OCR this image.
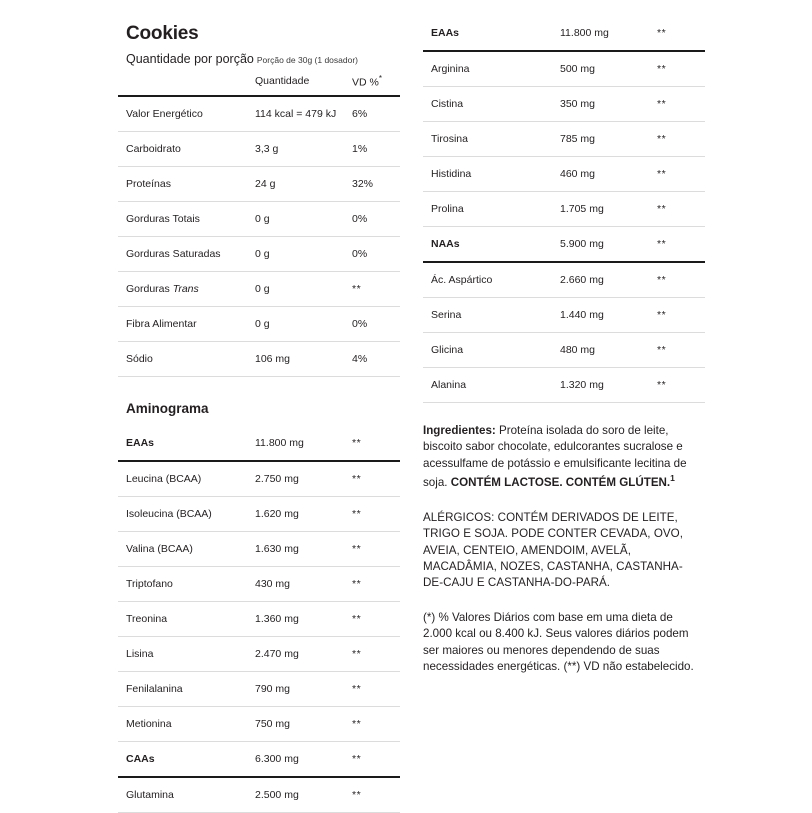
Cookies
Quantidade por porção Porção de 30g (1 dosador)
	Quantidade	VD %*
Valor Energético	114 kcal = 479 kJ	6%
Carboidrato	3,3 g	1%
Proteínas	24 g	32%
Gorduras Totais	0 g	0%
Gorduras Saturadas	0 g	0%
Gorduras Trans	0 g	**
Fibra Alimentar	0 g	0%
Sódio	106 mg	4%
Aminograma
EAAs	11.800 mg	**
Leucina (BCAA)	2.750 mg	**
Isoleucina (BCAA)	1.620 mg	**
Valina (BCAA)	1.630 mg	**
Triptofano	430 mg	**
Treonina	1.360 mg	**
Lisina	2.470 mg	**
Fenilalanina	790 mg	**
Metionina	750 mg	**
CAAs	6.300 mg	**
Glutamina	2.500 mg	**
EAAs	11.800 mg	**
Arginina	500 mg	**
Cistina	350 mg	**
Tirosina	785 mg	**
Histidina	460 mg	**
Prolina	1.705 mg	**
NAAs	5.900 mg	**
Ác. Aspártico	2.660 mg	**
Serina	1.440 mg	**
Glicina	480 mg	**
Alanina	1.320 mg	**
Ingredientes: Proteína isolada do soro de leite, biscoito sabor chocolate, edulcorantes sucralose e acessulfame de potássio e emulsificante lecitina de soja. CONTÉM LACTOSE. CONTÉM GLÚTEN.$^1$
ALÉRGICOS: CONTÉM DERIVADOS DE LEITE, TRIGO E SOJA. PODE CONTER CEVADA, OVO, AVEIA, CENTEIO, AMENDOIM, AVELÃ, MACADÂMIA, NOZES, CASTANHA, CASTANHA-DE-CAJU E CASTANHA-DO-PARÁ.
(*) % Valores Diários com base em uma dieta de 2.000 kcal ou 8.400 kJ. Seus valores diários podem ser maiores ou menores dependendo de suas necessidades energéticas. (**) VD não estabelecido.
